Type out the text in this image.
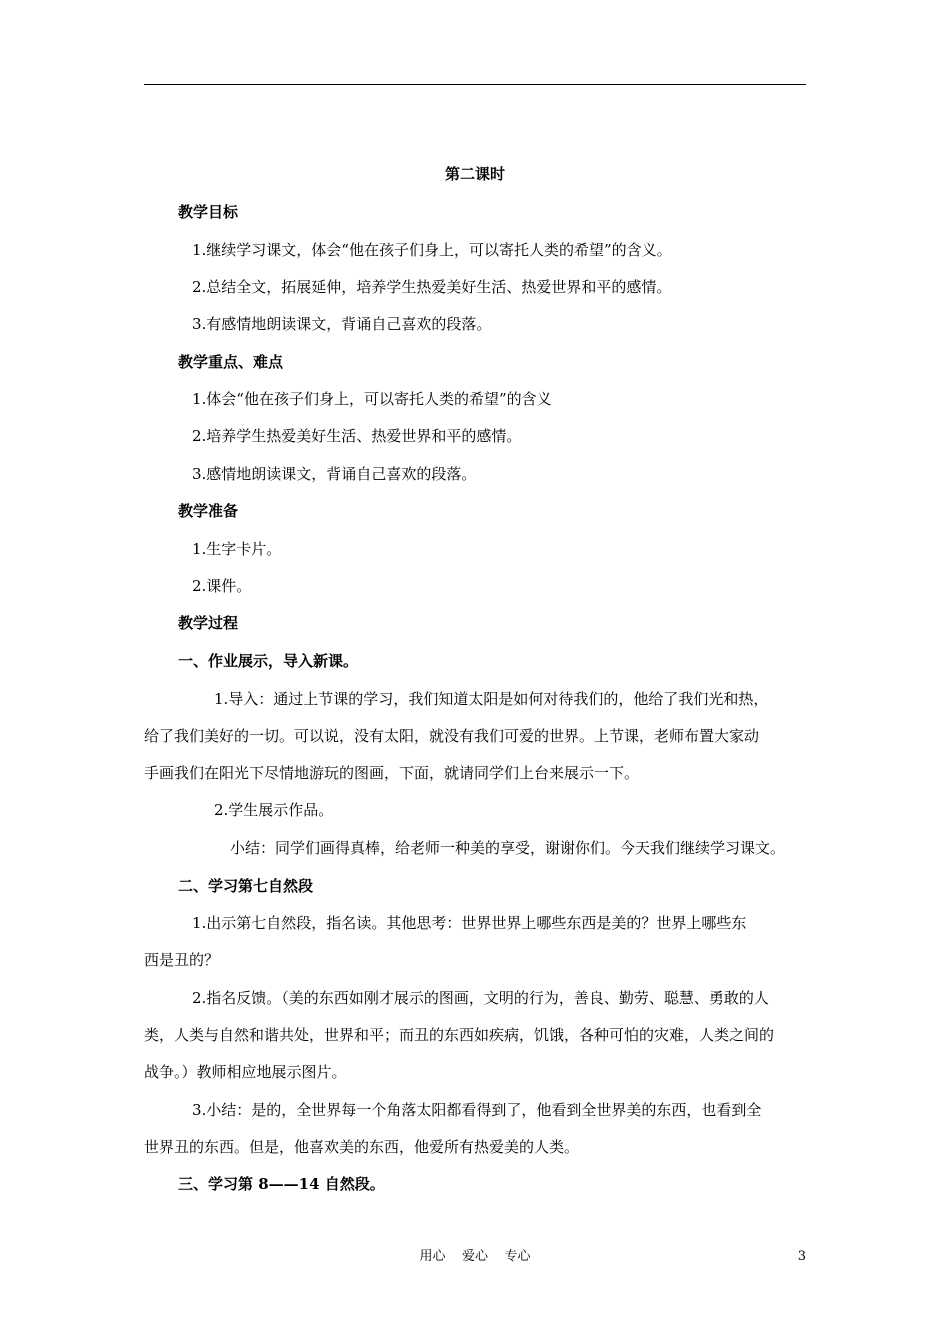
第二课时
教学目标
1.继续学习课文，体会“他在孩子们身上，可以寄托人类的希望”的含义。
2.总结全文，拓展延伸，培养学生热爱美好生活、热爱世界和平的感情。
3.有感情地朗读课文，背诵自己喜欢的段落。
教学重点、难点
1.体会“他在孩子们身上，可以寄托人类的希望”的含义
2.培养学生热爱美好生活、热爱世界和平的感情。
3.感情地朗读课文，背诵自己喜欢的段落。
教学准备
1.生字卡片。
2.课件。
教学过程
一、作业展示，导入新课。
1.导入：通过上节课的学习，我们知道太阳是如何对待我们的，他给了我们光和热，
给了我们美好的一切。可以说，没有太阳，就没有我们可爱的世界。上节课，老师布置大家动
手画我们在阳光下尽情地游玩的图画，下面，就请同学们上台来展示一下。
2.学生展示作品。
小结：同学们画得真棒，给老师一种美的享受，谢谢你们。今天我们继续学习课文。
二、学习第七自然段
1.出示第七自然段，指名读。其他思考：世界世界上哪些东西是美的？世界上哪些东
西是丑的？
2.指名反馈。（美的东西如刚才展示的图画，文明的行为，善良、勤劳、聪慧、勇敢的人
类，人类与自然和谐共处，世界和平；而丑的东西如疾病，饥饿，各种可怕的灾难，人类之间的
战争。）教师相应地展示图片。
3.小结：是的，全世界每一个角落太阳都看得到了，他看到全世界美的东西，也看到全
世界丑的东西。但是，他喜欢美的东西，他爱所有热爱美的人类。
三、学习第 8——14 自然段。
用心    爱心    专心	3
